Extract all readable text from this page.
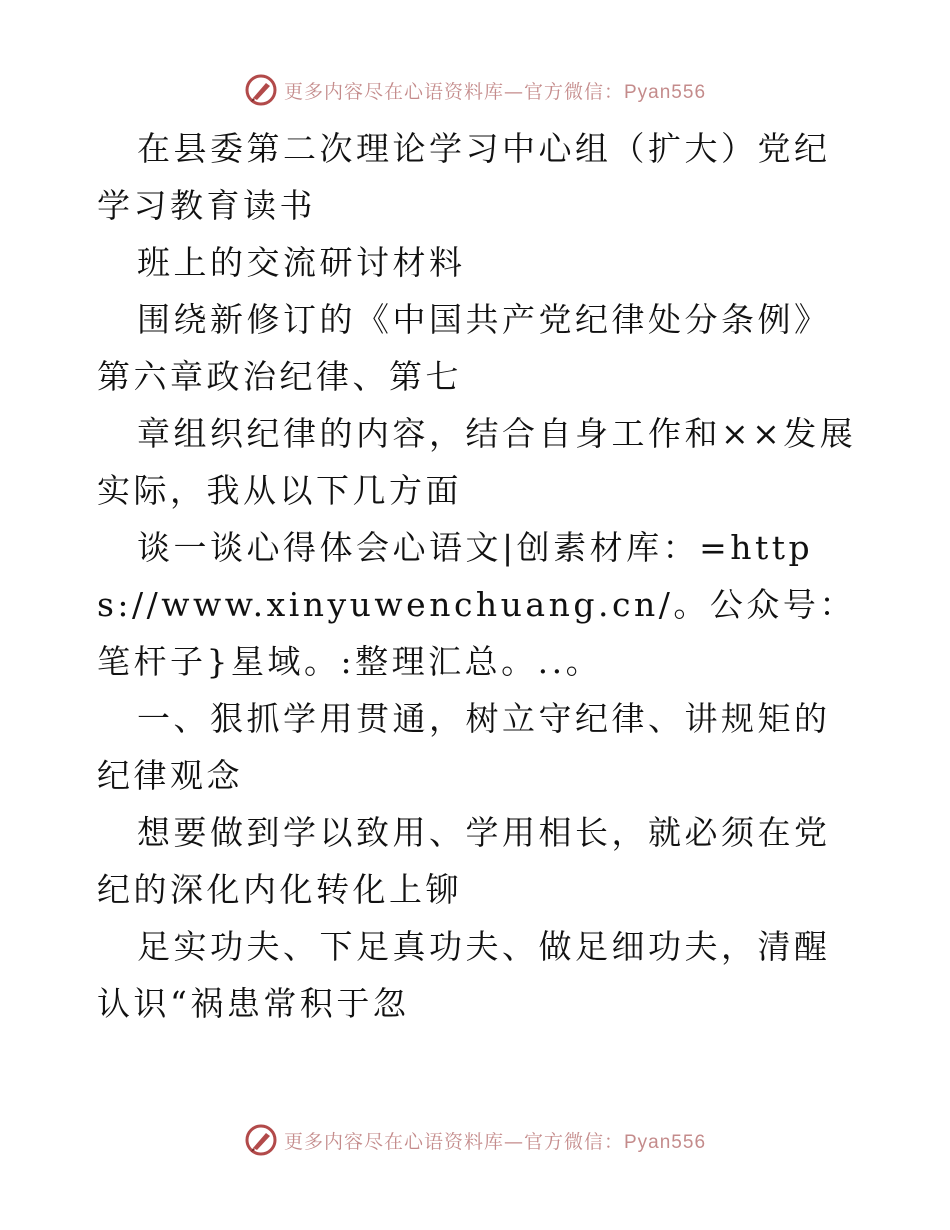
更多内容尽在心语资料库—官方微信：Pyan556

在县委第二次理论学习中心组（扩大）党纪学习教育读书

班上的交流研讨材料

围绕新修订的《中国共产党纪律处分条例》第六章政治纪律、第七

章组织纪律的内容，结合自身工作和××发展实际，我从以下几方面

谈一谈心得体会心语文|创素材库：=https://www.xinyuwenchuang.cn/。公众号：笔杆子}星域。:整理汇总。..。

一、狠抓学用贯通，树立守纪律、讲规矩的纪律观念

想要做到学以致用、学用相长，就必须在党纪的深化内化转化上铆

足实功夫、下足真功夫、做足细功夫，清醒认识“祸患常积于忽

更多内容尽在心语资料库—官方微信：Pyan556
